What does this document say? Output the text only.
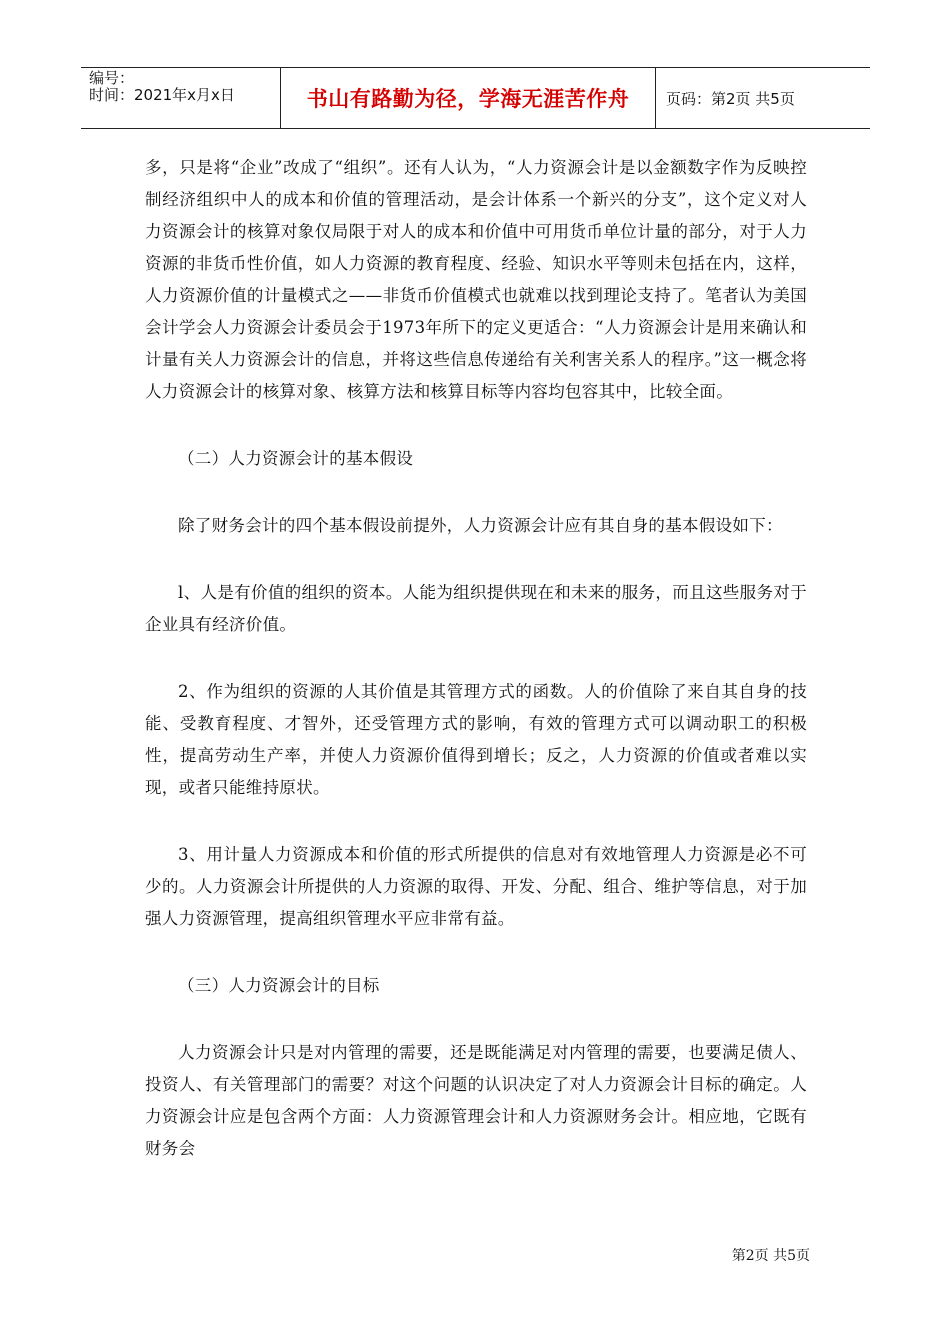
编号：
时间：2021年x月x日	书山有路勤为径，学海无涯苦作舟	页码：第2页 共5页

多，只是将“企业”改成了“组织”。还有人认为，“人力资源会计是以金额数字作为反映控制经济组织中人的成本和价值的管理活动，是会计体系一个新兴的分支”，这个定义对人力资源会计的核算对象仅局限于对人的成本和价值中可用货币单位计量的部分，对于人力资源的非货币性价值，如人力资源的教育程度、经验、知识水平等则未包括在内，这样，人力资源价值的计量模式之——非货币价值模式也就难以找到理论支持了。笔者认为美国会计学会人力资源会计委员会于1973年所下的定义更适合：“人力资源会计是用来确认和计量有关人力资源会计的信息，并将这些信息传递给有关利害关系人的程序。”这一概念将人力资源会计的核算对象、核算方法和核算目标等内容均包容其中，比较全面。

（二）人力资源会计的基本假设

除了财务会计的四个基本假设前提外，人力资源会计应有其自身的基本假设如下：

l、人是有价值的组织的资本。人能为组织提供现在和未来的服务，而且这些服务对于企业具有经济价值。

2、作为组织的资源的人其价值是其管理方式的函数。人的价值除了来自其自身的技能、受教育程度、才智外，还受管理方式的影响，有效的管理方式可以调动职工的积极性，提高劳动生产率，并使人力资源价值得到增长；反之，人力资源的价值或者难以实现，或者只能维持原状。

3、用计量人力资源成本和价值的形式所提供的信息对有效地管理人力资源是必不可少的。人力资源会计所提供的人力资源的取得、开发、分配、组合、维护等信息，对于加强人力资源管理，提高组织管理水平应非常有益。

（三）人力资源会计的目标

人力资源会计只是对内管理的需要，还是既能满足对内管理的需要，也要满足债人、投资人、有关管理部门的需要？对这个问题的认识决定了对人力资源会计目标的确定。人力资源会计应是包含两个方面：人力资源管理会计和人力资源财务会计。相应地，它既有财务会

第2页 共5页
